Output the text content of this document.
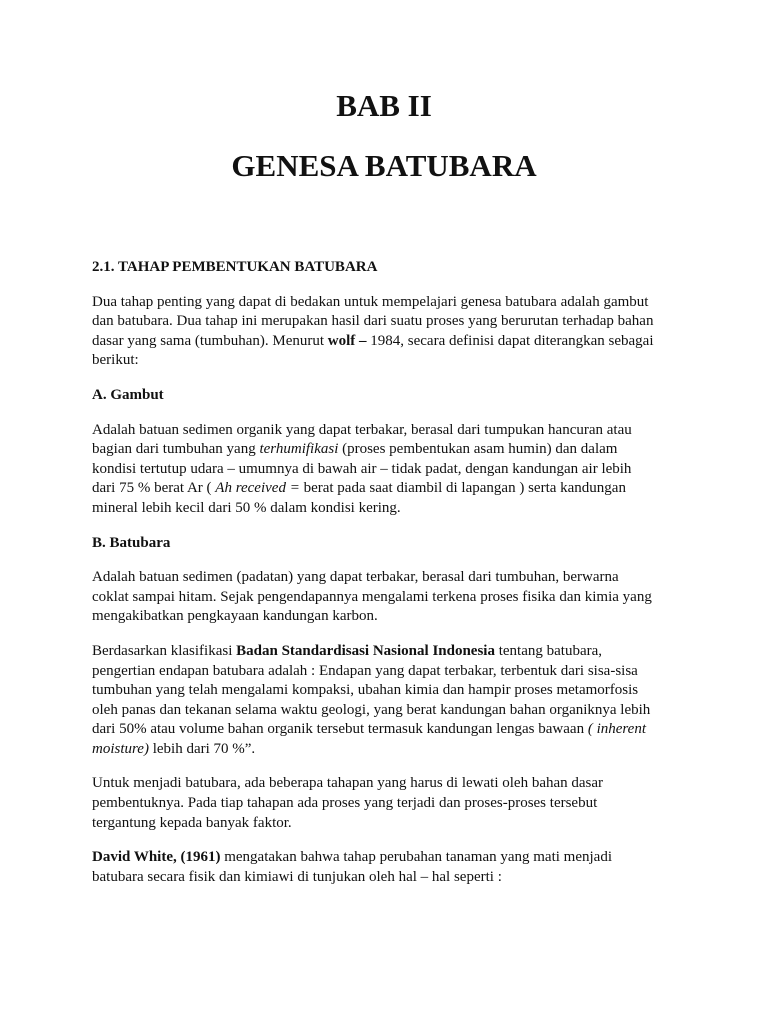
BAB II
GENESA BATUBARA
2.1. TAHAP PEMBENTUKAN BATUBARA

Dua tahap penting yang dapat di bedakan untuk mempelajari genesa batubara adalah gambut
dan batubara. Dua tahap ini merupakan hasil dari suatu proses yang berurutan terhadap bahan
dasar yang sama (tumbuhan). Menurut wolf – 1984, secara definisi dapat diterangkan sebagai
berikut:

A. Gambut

Adalah batuan sedimen organik yang dapat terbakar, berasal dari tumpukan hancuran atau
bagian dari tumbuhan yang terhumifikasi (proses pembentukan asam humin) dan dalam
kondisi tertutup udara – umumnya di bawah air – tidak padat, dengan kandungan air lebih
dari 75 % berat Ar ( Ah received = berat pada saat diambil di lapangan ) serta kandungan
mineral lebih kecil dari 50 % dalam kondisi kering.

B. Batubara

Adalah batuan sedimen (padatan) yang dapat terbakar, berasal dari tumbuhan, berwarna
coklat sampai hitam. Sejak pengendapannya mengalami terkena proses fisika dan kimia yang
mengakibatkan pengkayaan kandungan karbon.

Berdasarkan klasifikasi Badan Standardisasi Nasional Indonesia tentang batubara,
pengertian endapan batubara adalah : Endapan yang dapat terbakar, terbentuk dari sisa-sisa
tumbuhan yang telah mengalami kompaksi, ubahan kimia dan hampir proses metamorfosis
oleh panas dan tekanan selama waktu geologi, yang berat kandungan bahan organiknya lebih
dari 50% atau volume bahan organik tersebut termasuk kandungan lengas bawaan ( inherent
moisture) lebih dari 70 %”.

Untuk menjadi batubara, ada beberapa tahapan yang harus di lewati oleh bahan dasar
pembentuknya. Pada tiap tahapan ada proses yang terjadi dan proses-proses tersebut
tergantung kepada banyak faktor.

David White, (1961) mengatakan bahwa tahap perubahan tanaman yang mati menjadi
batubara secara fisik dan kimiawi di tunjukan oleh hal – hal seperti :
